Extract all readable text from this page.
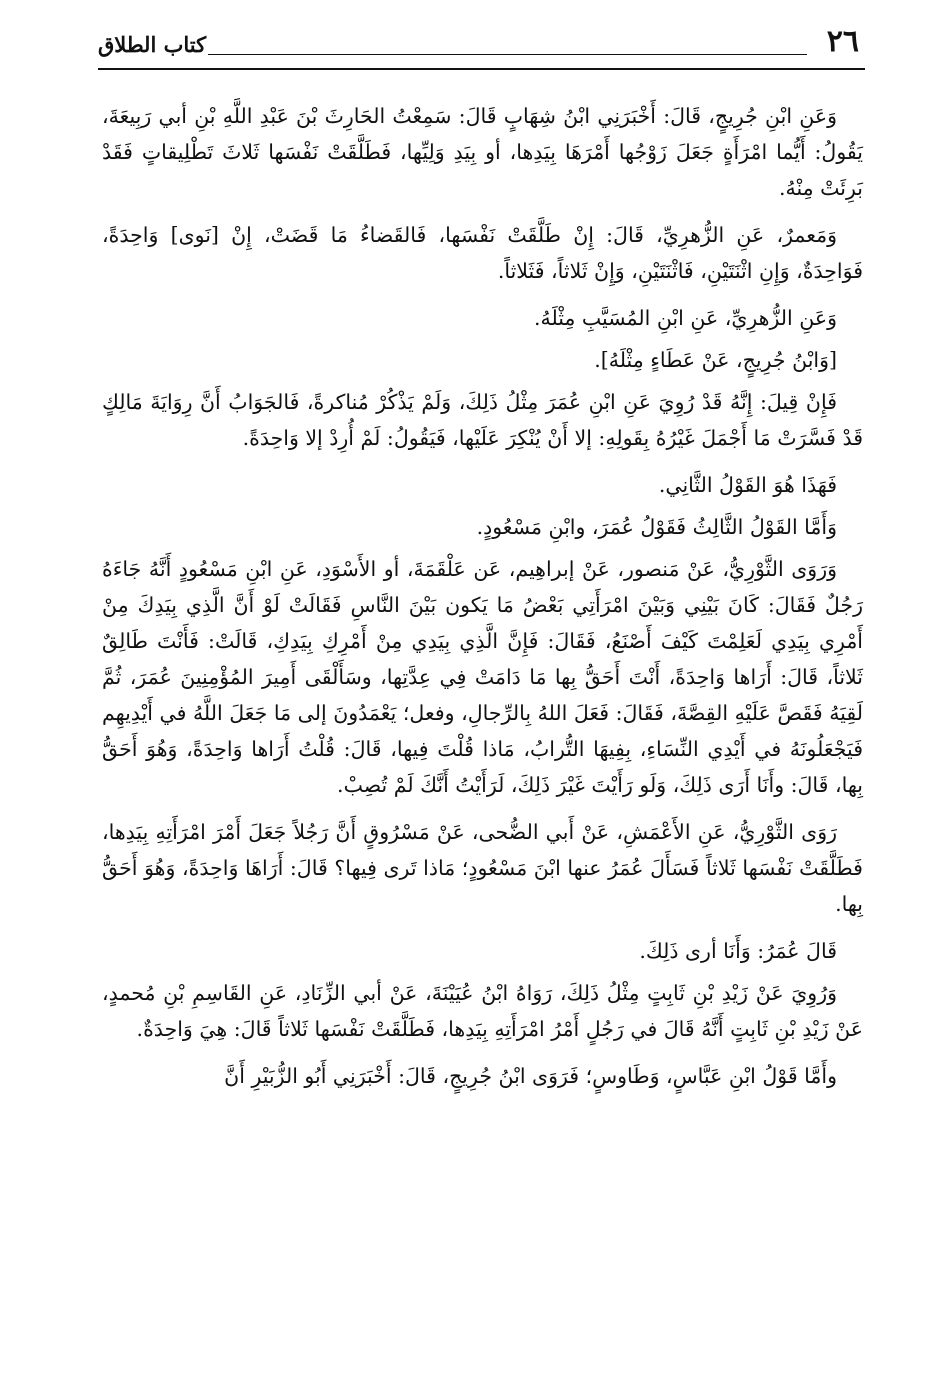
٢٦
كتاب الطلاق

وَعَنِ ابْنِ جُرِيجٍ، قَالَ: أَخْبَرَنِي ابْنُ شِهَابٍ قَالَ: سَمِعْتُ الحَارِثَ بْنَ عَبْدِ اللَّهِ بْنِ أبي رَبِيعَةَ، يَقُولُ: أَيُّما امْرَأَةٍ جَعَلَ زَوْجُها أَمْرَهَا بِيَدِها، أو بِيَدِ وَلِيِّها، فَطَلَّقَتْ نَفْسَها ثَلاثَ تَطْلِيقاتٍ فَقَدْ بَرِئَتْ مِنْهُ.

وَمَعمرٌ، عَنِ الزُّهرِيِّ، قَالَ: إِنْ طَلَّقَتْ نَفْسَها، فَالقَضاءُ مَا قَضَتْ، إِنْ [نَوى] وَاحِدَةً، فَوَاحِدَةٌ، وَإِنِ اثْنَتَيْنِ، فَاثْنَتَيْنِ، وَإِنْ ثَلاثاً، فَثَلاثاً.

وَعَنِ الزُّهرِيِّ، عَنِ ابْنِ المُسَيَّبِ مِثْلَهُ.

[وَابْنُ جُرِيجٍ، عَنْ عَطَاءٍ مِثْلَهُ].

فَإِنْ قِيلَ: إِنَّهُ قَدْ رُوِيَ عَنِ ابْنِ عُمَرَ مِثْلُ ذَلِكَ، وَلَمْ يَذْكُرْ مُناكرةً، فَالجَوَابُ أَنَّ رِوَايَةَ مَالِكٍ قَدْ فَسَّرَتْ مَا أَجْمَلَ غَيْرُهُ بِقَولِهِ: إلا أَنْ يُنْكِرَ عَلَيْها، فَيَقُولُ: لَمْ أُرِدْ إلا وَاحِدَةً.

فَهَذَا هُوَ القَوْلُ الثَّانِي.

وَأَمَّا القَوْلُ الثَّالِثُ فَقَوْلُ عُمَرَ، وابْنِ مَسْعُودٍ.

وَرَوَى الثَّوْرِيُّ، عَنْ مَنصور، عَنْ إبراهِيم، عَن عَلْقَمَةَ، أو الأَسْوَدِ، عَنِ ابْنِ مَسْعُودٍ أَنَّهُ جَاءَهُ رَجُلٌ فَقَالَ: كَانَ بَيْنِي وَبَيْنَ امْرَأَتِي بَعْضُ مَا يَكون بَيْنَ النَّاسِ فَقَالَتْ لَوْ أَنَّ الَّذِي بِيَدِكَ مِنْ أَمْرِي بِيَدِي لَعَلِمْتَ كَيْفَ أَصْنَعُ، فَقَالَ: فَإِنَّ الَّذِي بِيَدِي مِنْ أَمْرِكِ بِيَدِكِ، قَالَتْ: فَأَنْتَ طَالِقٌ ثَلاثاً، قَالَ: أَرَاها وَاحِدَةً، أَنْتَ أَحَقُّ بِها مَا دَامَتْ فِي عِدَّتِها، وسَأَلْقَى أَمِيرَ المُؤْمِنِينَ عُمَرَ، ثُمَّ لَقِيَهُ فَقَصَّ عَلَيْهِ القِصَّةَ، فَقَالَ: فَعَلَ اللهُ بِالرِّجالِ، وفعل؛ يَعْمَدُونَ إلى مَا جَعَلَ اللَّهُ في أَيْدِيهِم فَيَجْعَلُونَهُ في أَيْدِي النِّسَاءِ، بِفِيهَا التُّرابُ، مَاذا قُلْتَ فِيها، قَالَ: قُلْتُ أَرَاها وَاحِدَةً، وَهُوَ أَحَقُّ بِها، قَالَ: وأَنَا أَرَى ذَلِكَ، وَلَو رَأَيْتَ غَيْرَ ذَلِكَ، لَرَأَيْتُ أَنَّكَ لَمْ تُصِبْ.

رَوَى الثَّوْرِيُّ، عَنِ الأَعْمَشِ، عَنْ أَبي الضُّحى، عَنْ مَسْرُوقٍ أَنَّ رَجُلاً جَعَلَ أَمْرَ امْرَأَتِهِ بِيَدِها، فَطَلَّقَتْ نَفْسَها ثَلاثاً فَسَأَلَ عُمَرُ عنها ابْنَ مَسْعُودٍ؛ مَاذا تَرى فِيها؟ قَالَ: أَرَاهَا وَاحِدَةً، وَهُوَ أَحَقُّ بِها.

قَالَ عُمَرُ: وَأَنَا أرى ذَلِكَ.

وَرُوِيَ عَنْ زَيْدِ بْنِ ثَابِتٍ مِثْلُ ذَلِكَ، رَوَاهُ ابْنُ عُيَيْنَةَ، عَنْ أبي الزِّنَادِ، عَنِ القَاسِمِ بْنِ مُحمدٍ، عَنْ زَيْدِ بْنِ ثَابِتٍ أَنَّهُ قَالَ في رَجُلٍ أَمْرُ امْرَأَتِهِ بِيَدِها، فَطَلَّقَتْ نَفْسَها ثَلاثاً قَالَ: هِيَ وَاحِدَةٌ.

وأَمَّا قَوْلُ ابْنِ عَبَّاسٍ، وَطَاوسٍ؛ فَرَوَى ابْنُ جُرِيجٍ، قَالَ: أَخْبَرَنِي أَبُو الزُّبَيْرِ أَنَّ
